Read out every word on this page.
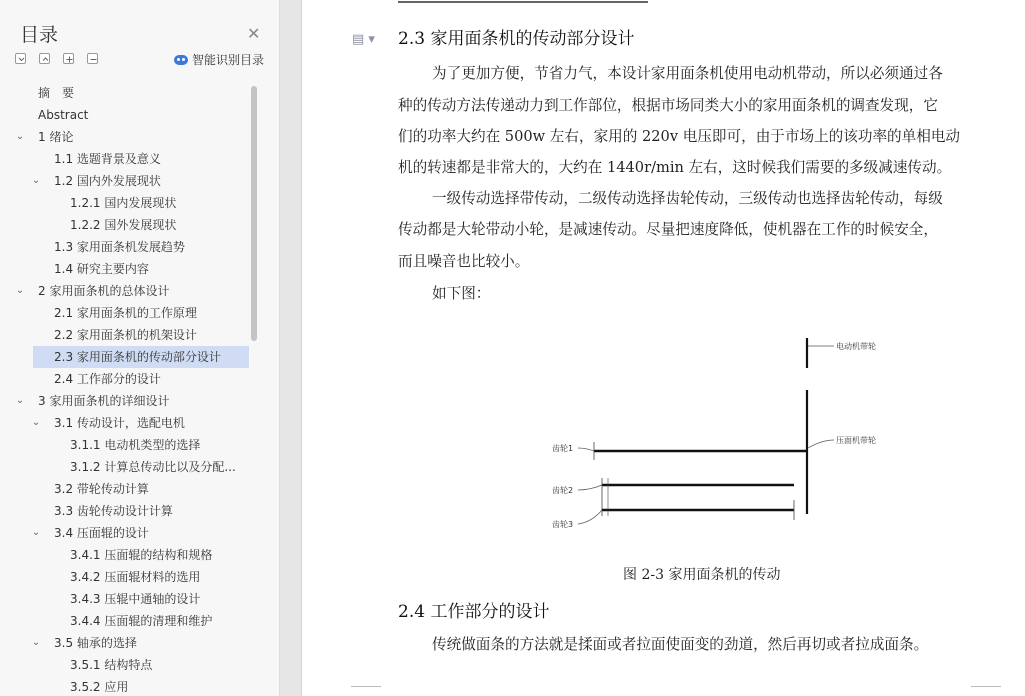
目录	✕
智能识别目录
摘　要
Abstract
⌄ 1 绪论
1.1 选题背景及意义
⌄ 1.2 国内外发展现状
1.2.1 国内发展现状
1.2.2 国外发展现状
1.3 家用面条机发展趋势
1.4 研究主要内容
⌄ 2 家用面条机的总体设计
2.1 家用面条机的工作原理
2.2 家用面条机的机架设计
2.3 家用面条机的传动部分设计
2.4 工作部分的设计
⌄ 3 家用面条机的详细设计
⌄ 3.1 传动设计，选配电机
3.1.1 电动机类型的选择
3.1.2 计算总传动比以及分配...
3.2 带轮传动计算
3.3 齿轮传动设计计算
⌄ 3.4 压面辊的设计
3.4.1 压面辊的结构和规格
3.4.2 压面辊材料的选用
3.4.3 压辊中通轴的设计
3.4.4 压面辊的清理和维护
⌄ 3.5 轴承的选择
3.5.1 结构特点
3.5.2 应用
▤ ▾ 2.3 家用面条机的传动部分设计
为了更加方便，节省力气，本设计家用面条机使用电动机带动，所以必须通过各
种的传动方法传递动力到工作部位，根据市场同类大小的家用面条机的调查发现，它
们的功率大约在 500w 左右，家用的 220v 电压即可，由于市场上的该功率的单相电动
机的转速都是非常大的，大约在 1440r/min 左右，这时候我们需要的多级减速传动。
一级传动选择带传动，二级传动选择齿轮传动，三级传动也选择齿轮传动，每级
传动都是大轮带动小轮，是减速传动。尽量把速度降低，使机器在工作的时候安全，
而且噪音也比较小。
如下图：
电动机带轮
压面机带轮
齿轮1
齿轮2
齿轮3
图 2-3 家用面条机的传动
2.4 工作部分的设计
传统做面条的方法就是揉面或者拉面使面变的劲道，然后再切或者拉成面条。
